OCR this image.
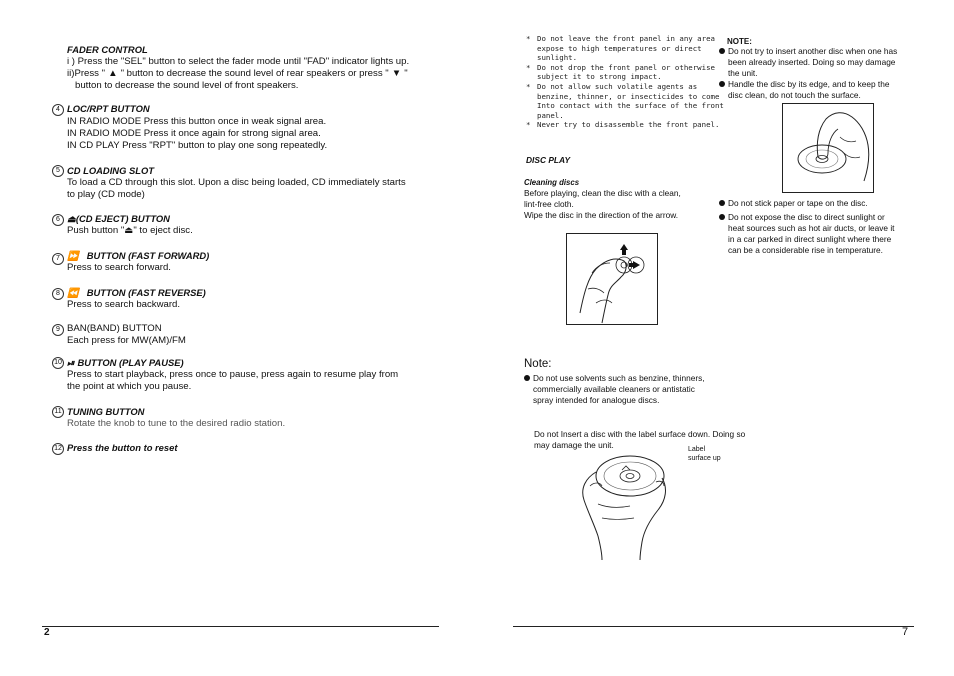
FADER CONTROL
i ) Press the "SEL" button to select the fader mode until "FAD" indicator lights up.
ii)Press " ▲ " button to decrease the sound level of rear speakers or press " ▼ "
button to decrease the sound level of front speakers.
4 LOC/RPT BUTTON
IN RADIO MODE Press this button once in weak signal area.
IN RADIO MODE Press it once again for strong signal area.
IN CD PLAY Press "RPT" button to play one song repeatedly.
5 CD LOADING SLOT
To load a CD through this slot. Upon a disc being loaded, CD immediately starts
to play (CD mode)
6 ⏏(CD EJECT) BUTTON
Push button "⏏" to eject disc.
7 ⏩ BUTTON (FAST FORWARD)
Press to search forward.
8 ⏪ BUTTON (FAST REVERSE)
Press to search backward.
9 BAN(BAND) BUTTON
Each press for MW(AM)/FM
10 ⏯ BUTTON (PLAY PAUSE)
Press to start playback, press once to pause, press again to resume play from
the point at which you pause.
11 TUNING BUTTON
Rotate the knob to tune to the desired radio station.
12 Press the button to reset
2
* Do not leave the front panel in any area
expose to high temperatures or direct
sunlight.
* Do not drop the front panel or otherwise
subject it to strong impact.
* Do not allow such volatile agents as
benzine, thinner, or insecticides to come
Into contact with the surface of the front
panel.
* Never try to disassemble the front panel.
DISC PLAY
Cleaning discs
Before playing, clean the disc with a clean,
lint-free cloth.
Wipe the disc in the direction of the arrow.
Note:
Do not use solvents such as benzine, thinners,
commercially available cleaners or antistatic
spray intended for analogue discs.
Do not Insert a disc with the label surface down. Doing so
may damage the unit.	Label
surface up
NOTE:
Do not try to insert another disc when one has
been already inserted. Doing so may damage
the unit.
Handle the disc by its edge, and to keep the
disc clean, do not touch the surface.
Do not stick paper or tape on the disc.
Do not expose the disc to direct sunlight or
heat sources such as hot air ducts, or leave it
in a car parked in direct sunlight where there
can be a considerable rise in temperature.
7
